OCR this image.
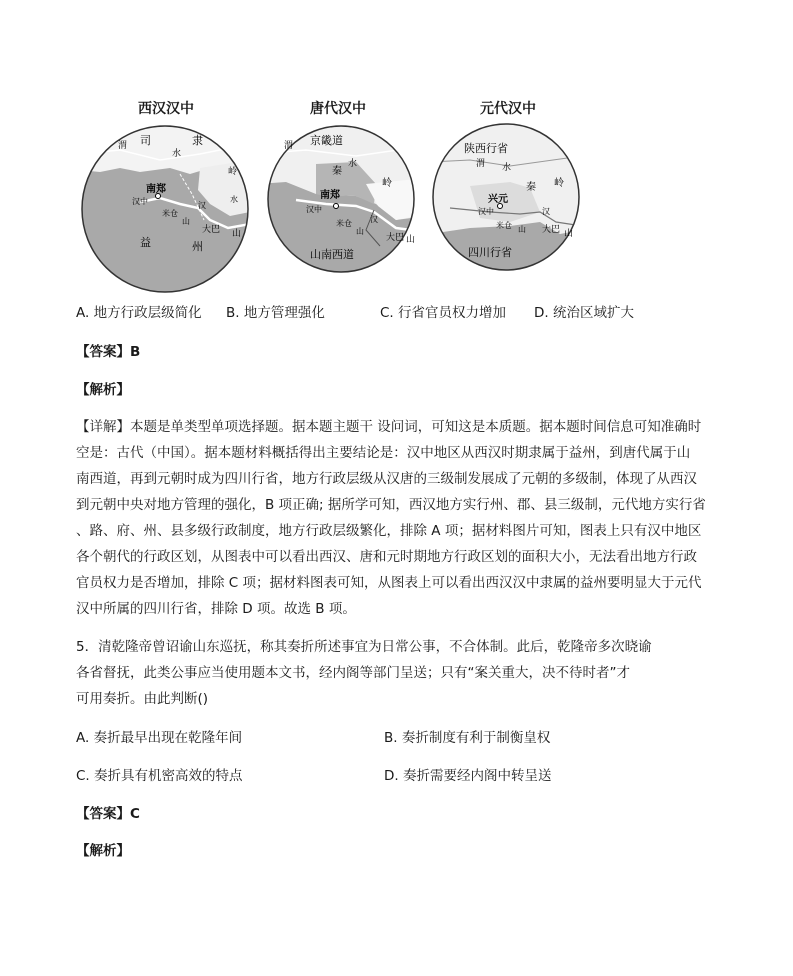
西汉汉中
渭 司	隶
水
岭
南郑
汉中
米仓
山
汉
水
大巴 山
益	州
唐代汉中
渭 京畿道
水
秦
岭
南郑
汉中
米仓
山
汉
大巴 山
山南西道
元代汉中
陕西行省
渭 水
秦 岭
兴元
汉中
米仓 山
汉
大巴 山
四川行省
A. 地方行政层级简化 B. 地方管理强化	C. 行省官员权力增加 D. 统治区域扩大
【答案】B
【解析】
【详解】本题是单类型单项选择题。据本题主题干 设问词，可知这是本质题。据本题时间信息可知准确时
空是：古代（中国）。据本题材料概括得出主要结论是：汉中地区从西汉时期隶属于益州，到唐代属于山
南西道，再到元朝时成为四川行省，地方行政层级从汉唐的三级制发展成了元朝的多级制，体现了从西汉
到元朝中央对地方管理的强化，B 项正确; 据所学可知，西汉地方实行州、郡、县三级制，元代地方实行省
、路、府、州、县多级行政制度，地方行政层级繁化，排除 A 项；据材料图片可知，图表上只有汉中地区
各个朝代的行政区划，从图表中可以看出西汉、唐和元时期地方行政区划的面积大小，无法看出地方行政
官员权力是否增加，排除 C 项；据材料图表可知，从图表上可以看出西汉汉中隶属的益州要明显大于元代
汉中所属的四川行省，排除 D 项。故选 B 项。
5．清乾隆帝曾诏谕山东巡抚，称其奏折所述事宜为日常公事，不合体制。此后，乾隆帝多次晓谕
各省督抚，此类公事应当使用题本文书，经内阁等部门呈送；只有“案关重大，决不待时者”才
可用奏折。由此判断()
A. 奏折最早出现在乾隆年间	B. 奏折制度有利于制衡皇权
C. 奏折具有机密高效的特点	D. 奏折需要经内阁中转呈送
【答案】C
【解析】
